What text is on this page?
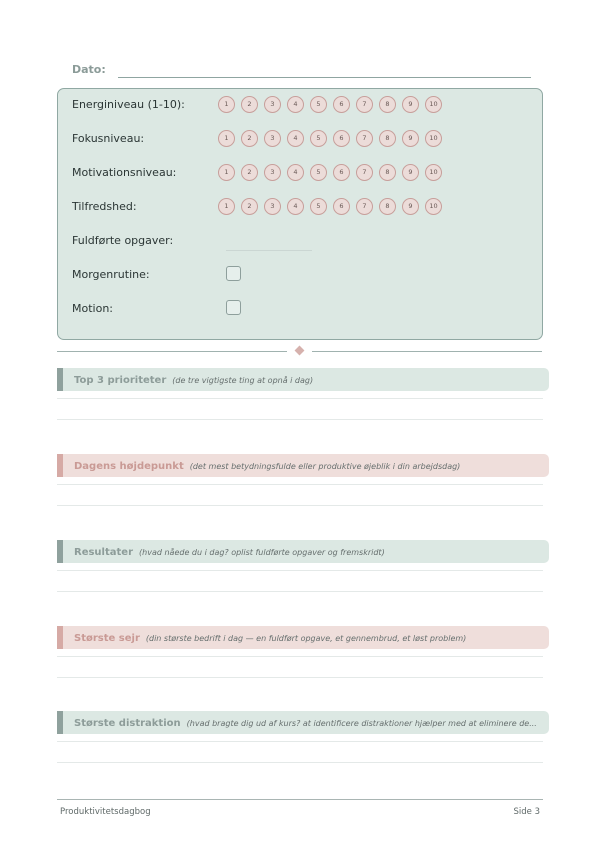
Dato:
Energiniveau (1-10):	1	2	3	4	5	6	7	8	9	10
Fokusniveau:	1	2	3	4	5	6	7	8	9	10
Motivationsniveau:	1	2	3	4	5	6	7	8	9	10
Tilfredshed:	1	2	3	4	5	6	7	8	9	10
Fuldførte opgaver:
Morgenrutine:
Motion:
Top 3 prioriteter (de tre vigtigste ting at opnå i dag)
Dagens højdepunkt (det mest betydningsfulde eller produktive øjeblik i din arbejdsdag)
Resultater (hvad nåede du i dag? oplist fuldførte opgaver og fremskridt)
Største sejr (din største bedrift i dag — en fuldført opgave, et gennembrud, et løst problem)
Største distraktion (hvad bragte dig ud af kurs? at identificere distraktioner hjælper med at eliminere de...
Produktivitetsdagbog	Side 3
